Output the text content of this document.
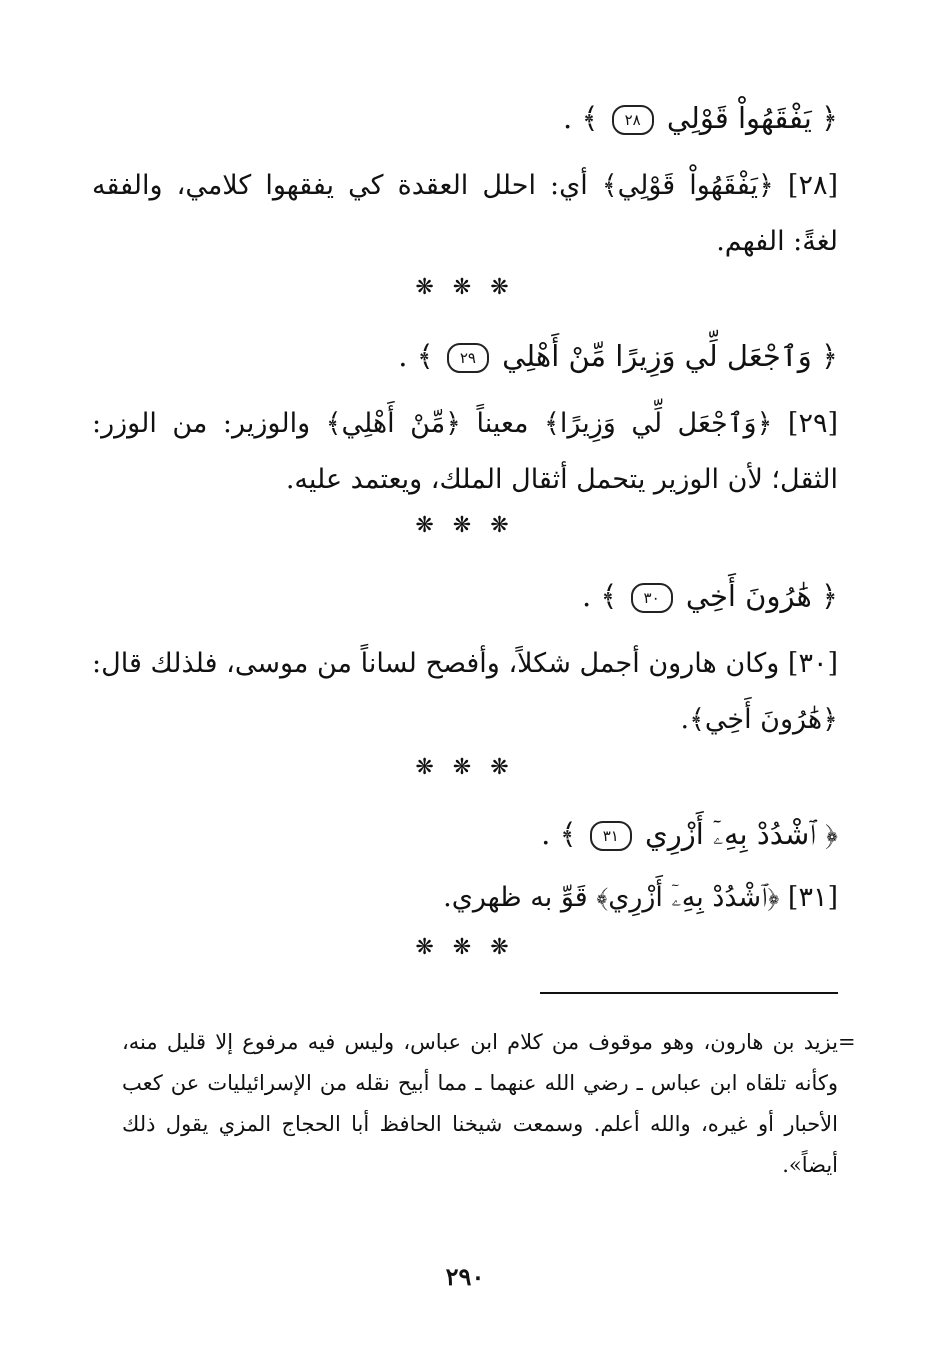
﴿ يَفْقَهُواْ قَوْلِي ٢٨ ﴾ .
[٢٨] ﴿يَفْقَهُواْ قَوْلِي﴾ أي: احلل العقدة كي يفقهوا كلامي، والفقه لغةً: الفهم.
❋ ❋ ❋
﴿ وَٱجْعَل لِّي وَزِيرًا مِّنْ أَهْلِي ٢٩ ﴾ .
[٢٩] ﴿وَٱجْعَل لِّي وَزِيرًا﴾ معيناً ﴿مِّنْ أَهْلِي﴾ والوزير: من الوزر: الثقل؛ لأن الوزير يتحمل أثقال الملك، ويعتمد عليه.
❋ ❋ ❋
﴿ هَٰرُونَ أَخِي ٣٠ ﴾ .
[٣٠] وكان هارون أجمل شكلاً، وأفصح لساناً من موسى، فلذلك قال: ﴿هَٰرُونَ أَخِي﴾.
❋ ❋ ❋
﴿ ٱشْدُدْ بِهِۦٓ أَزْرِي ٣١ ﴾ .
[٣١] ﴿ٱشْدُدْ بِهِۦٓ أَزْرِي﴾ قَوِّ به ظهري.
❋ ❋ ❋
=
يزيد بن هارون، وهو موقوف من كلام ابن عباس، وليس فيه مرفوع إلا قليل منه، وكأنه تلقاه ابن عباس ـ رضي الله عنهما ـ مما أبيح نقله من الإسرائيليات عن كعب الأحبار أو غيره، والله أعلم. وسمعت شيخنا الحافظ أبا الحجاج المزي يقول ذلك أيضاً».
٢٩٠
